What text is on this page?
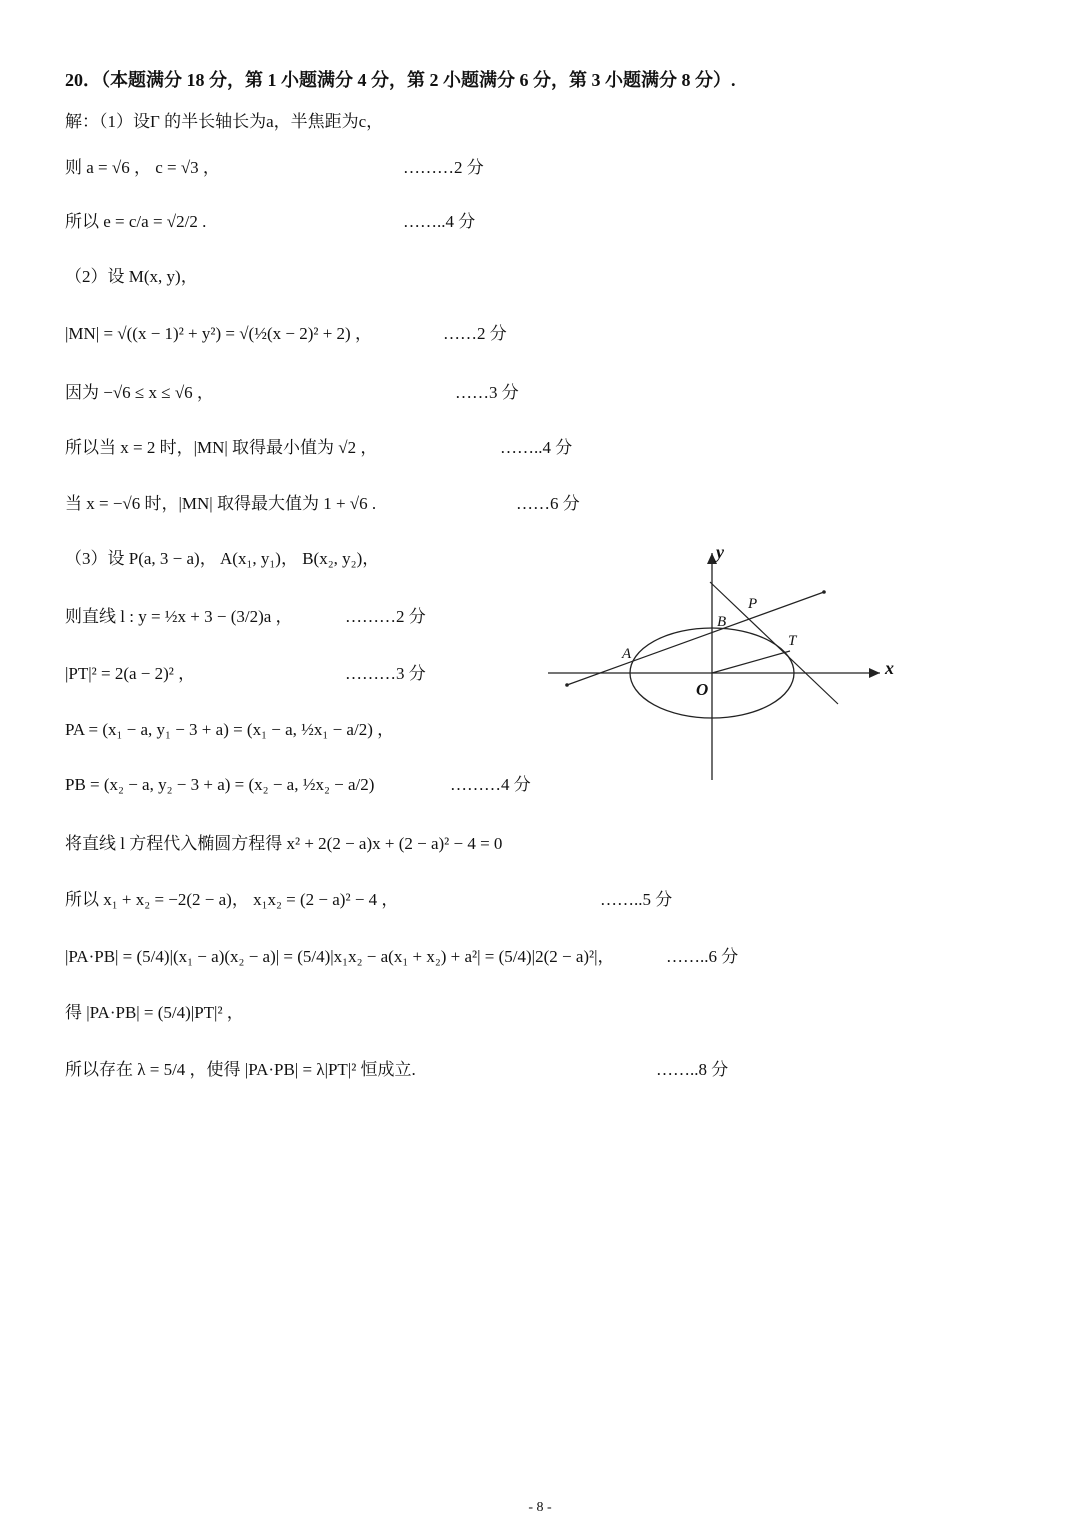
20．（本题满分 18 分，第 1 小题满分 4 分，第 2 小题满分 6 分，第 3 小题满分 8 分）.
解：（1）设Γ 的半长轴长为a，半焦距为c，
则 a = √6 ， c = √3 ，	………2 分
所以 e = c/a = √2/2 .	……..4 分
（2）设 M(x, y)，
|MN| = √((x − 1)² + y²) = √(½(x − 2)² + 2) ，	……2 分
因为 −√6 ≤ x ≤ √6 ，	……3 分
所以当 x = 2 时，|MN| 取得最小值为 √2 ，	……..4 分
当 x = −√6 时，|MN| 取得最大值为 1 + √6 .	……6 分
（3）设 P(a, 3 − a)， A(x₁, y₁)， B(x₂, y₂)，
则直线 l : y = ½x + 3 − (3/2)a ，	………2 分
|PT|² = 2(a − 2)² ，	………3 分
PA = (x₁ − a, y₁ − 3 + a) = (x₁ − a, ½x₁ − a/2) ，
PB = (x₂ − a, y₂ − 3 + a) = (x₂ − a, ½x₂ − a/2)	………4 分
将直线 l 方程代入椭圆方程得 x² + 2(2 − a)x + (2 − a)² − 4 = 0
所以 x₁ + x₂ = −2(2 − a)， x₁x₂ = (2 − a)² − 4 ，	……..5 分
|PA·PB| = (5/4)|(x₁ − a)(x₂ − a)| = (5/4)|x₁x₂ − a(x₁ + x₂) + a²| = (5/4)|2(2 − a)²|，	……..6 分
得 |PA·PB| = (5/4)|PT|² ，
所以存在 λ = 5/4 ，使得 |PA·PB| = λ|PT|² 恒成立.	……..8 分
y
x
O
A
B
P
T
- 8 -
